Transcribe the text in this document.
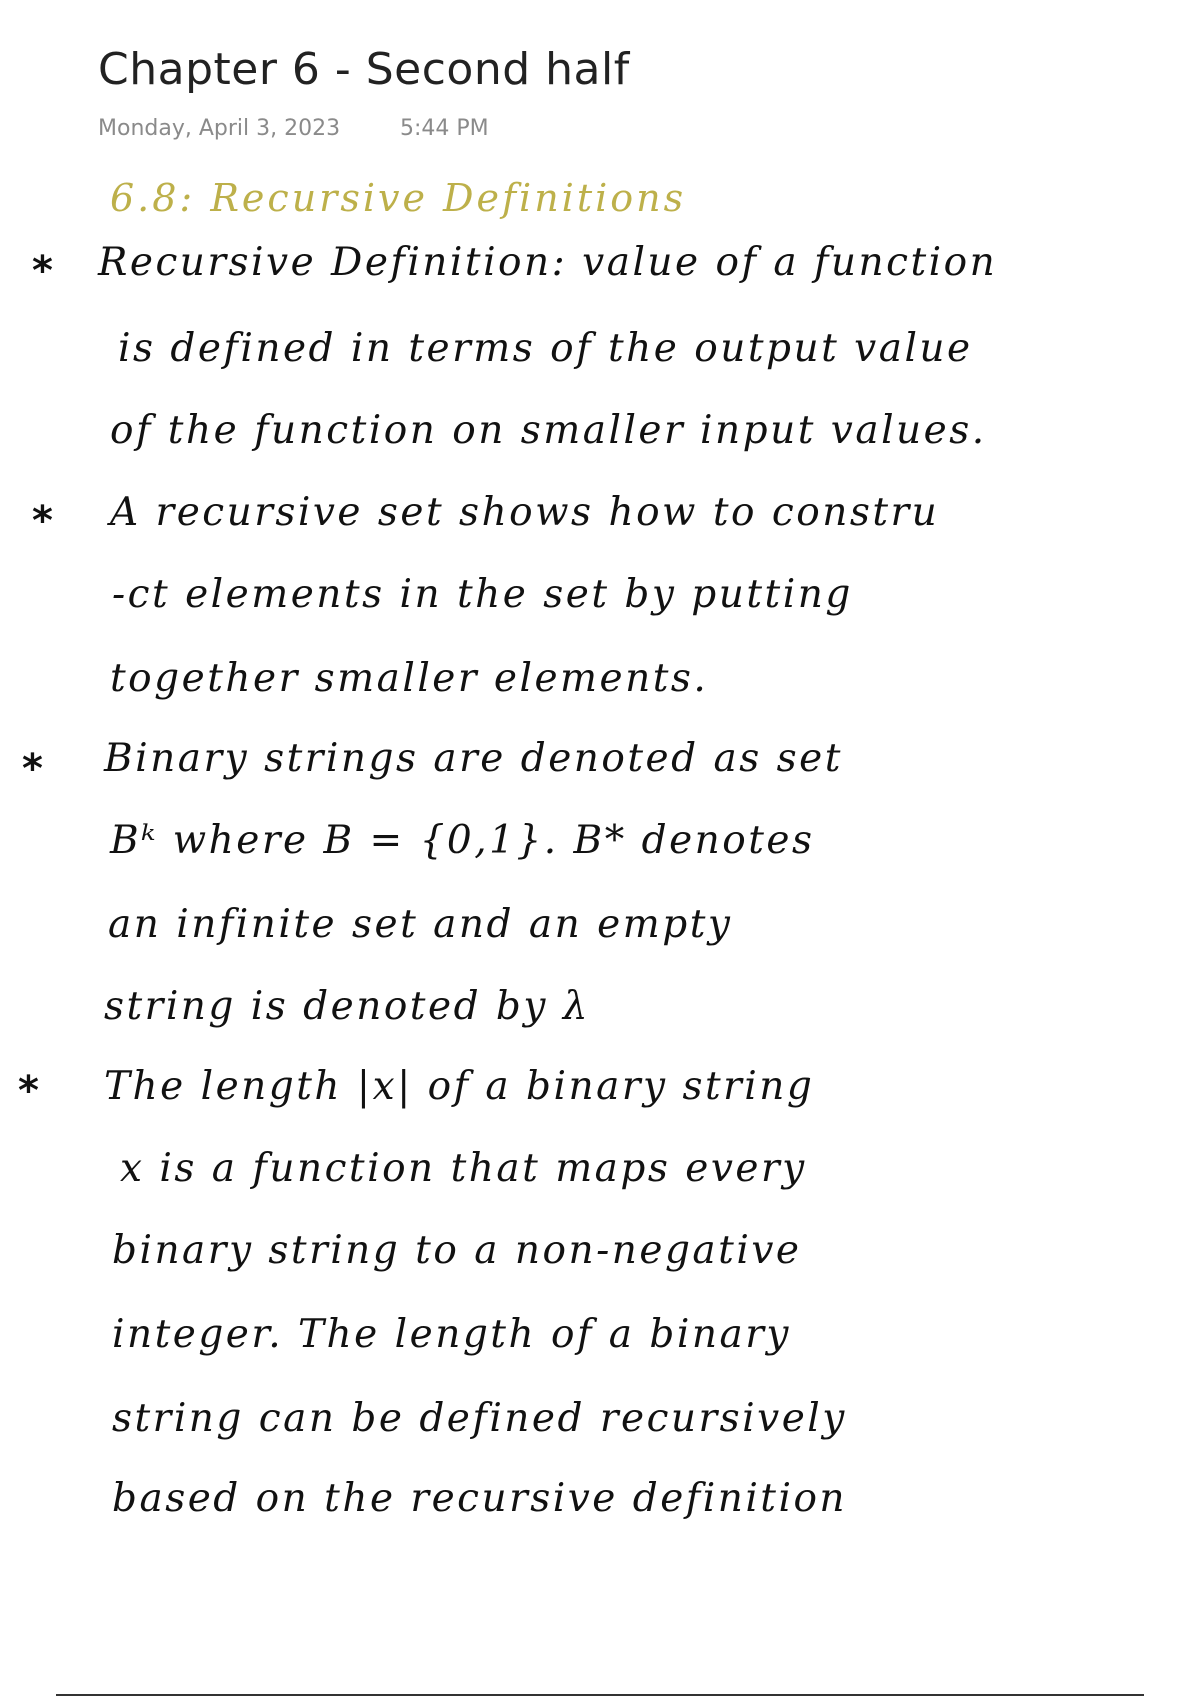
Chapter 6 - Second half
Monday, April 3, 2023	5:44 PM
6.8: Recursive Definitions
*
*
*
*
Recursive Definition: value of a function
is defined in terms of the output value
of the function on smaller input values.
A recursive set shows how to constru
-ct elements in the set by putting
together smaller elements.
Binary strings are denoted as set
Bᵏ where B = {0,1}. B* denotes
an infinite set and an empty
string is denoted by λ
The length |x| of a binary string
x is a function that maps every
binary string to a non-negative
integer. The length of a binary
string can be defined recursively
based on the recursive definition
